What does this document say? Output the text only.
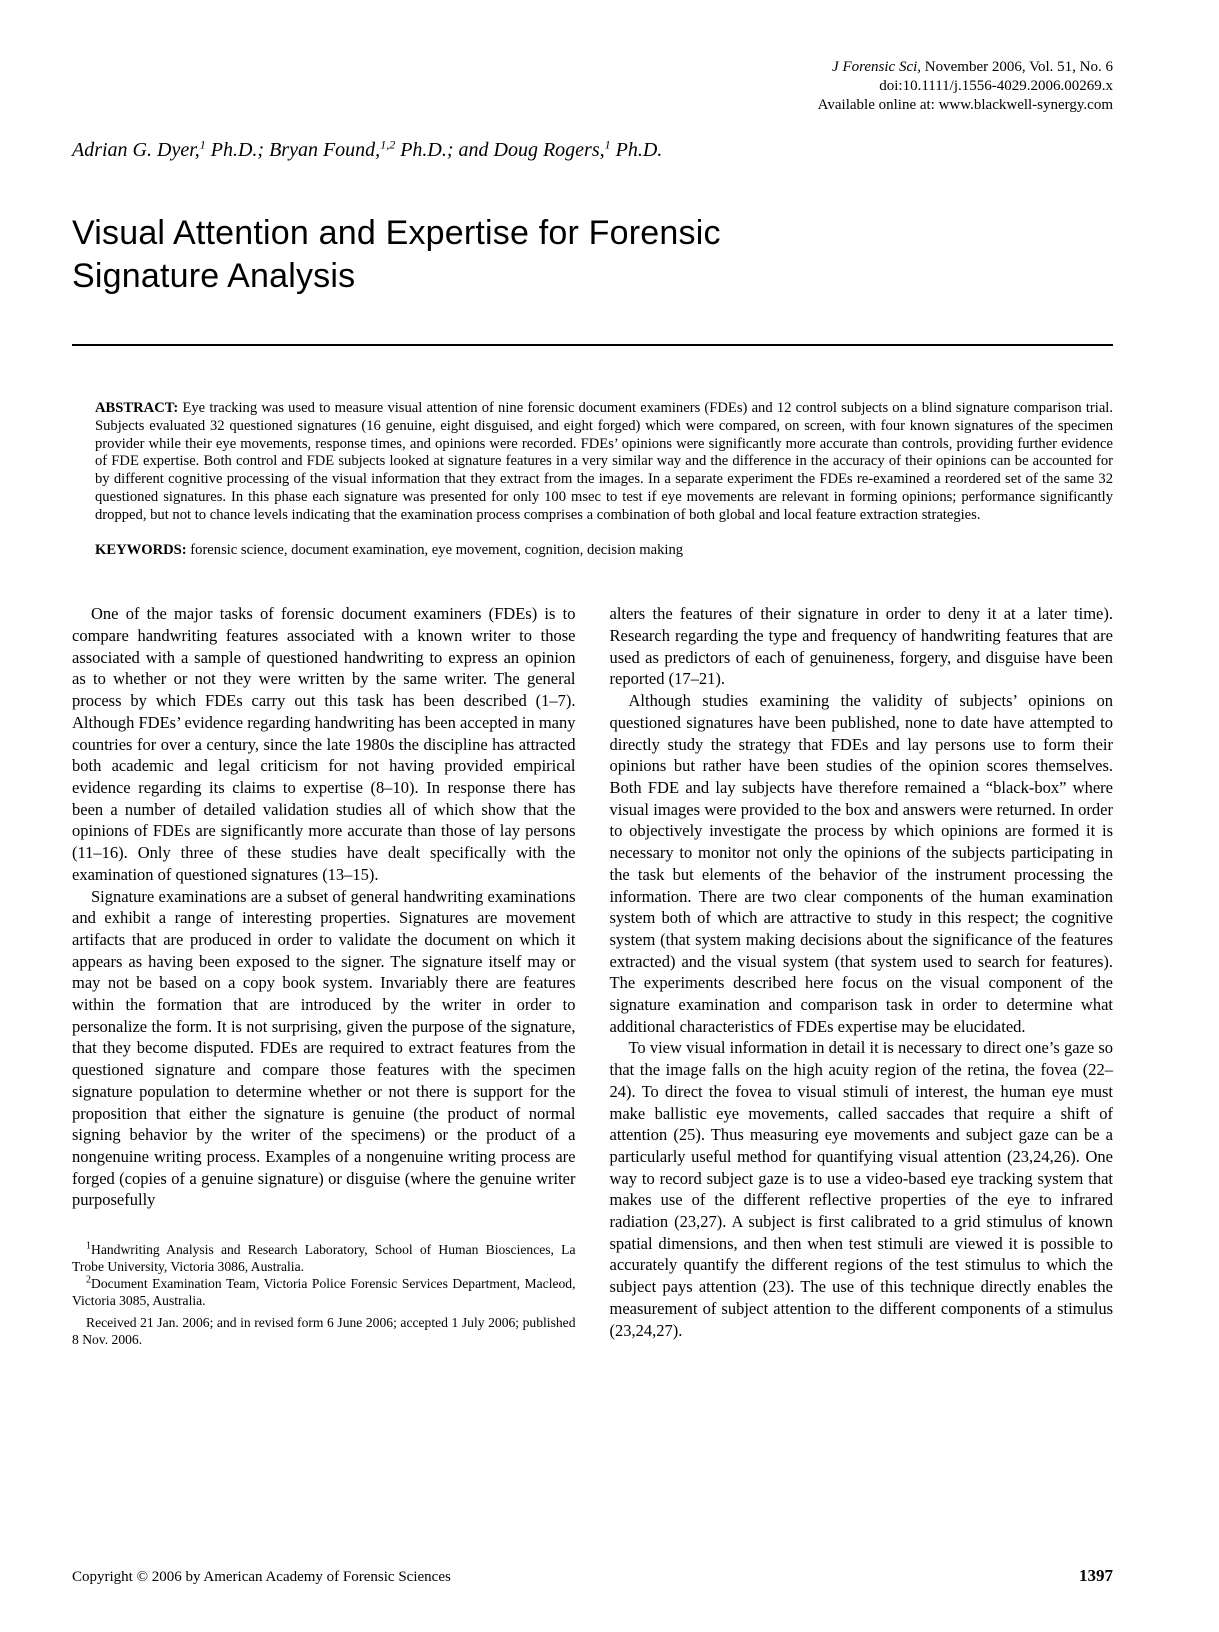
J Forensic Sci, November 2006, Vol. 51, No. 6
doi:10.1111/j.1556-4029.2006.00269.x
Available online at: www.blackwell-synergy.com
Adrian G. Dyer,$^1$ Ph.D.; Bryan Found,$^{1,2}$ Ph.D.; and Doug Rogers,$^1$ Ph.D.
Visual Attention and Expertise for Forensic Signature Analysis
ABSTRACT: Eye tracking was used to measure visual attention of nine forensic document examiners (FDEs) and 12 control subjects on a blind signature comparison trial. Subjects evaluated 32 questioned signatures (16 genuine, eight disguised, and eight forged) which were compared, on screen, with four known signatures of the specimen provider while their eye movements, response times, and opinions were recorded. FDEs’ opinions were significantly more accurate than controls, providing further evidence of FDE expertise. Both control and FDE subjects looked at signature features in a very similar way and the difference in the accuracy of their opinions can be accounted for by different cognitive processing of the visual information that they extract from the images. In a separate experiment the FDEs re-examined a reordered set of the same 32 questioned signatures. In this phase each signature was presented for only 100 msec to test if eye movements are relevant in forming opinions; performance significantly dropped, but not to chance levels indicating that the examination process comprises a combination of both global and local feature extraction strategies.
KEYWORDS: forensic science, document examination, eye movement, cognition, decision making

One of the major tasks of forensic document examiners (FDEs) is to compare handwriting features associated with a known writer to those associated with a sample of questioned handwriting to express an opinion as to whether or not they were written by the same writer. The general process by which FDEs carry out this task has been described (1–7). Although FDEs’ evidence regarding handwriting has been accepted in many countries for over a century, since the late 1980s the discipline has attracted both academic and legal criticism for not having provided empirical evidence regarding its claims to expertise (8–10). In response there has been a number of detailed validation studies all of which show that the opinions of FDEs are significantly more accurate than those of lay persons (11–16). Only three of these studies have dealt specifically with the examination of questioned signatures (13–15).

Signature examinations are a subset of general handwriting examinations and exhibit a range of interesting properties. Signatures are movement artifacts that are produced in order to validate the document on which it appears as having been exposed to the signer. The signature itself may or may not be based on a copy book system. Invariably there are features within the formation that are introduced by the writer in order to personalize the form. It is not surprising, given the purpose of the signature, that they become disputed. FDEs are required to extract features from the questioned signature and compare those features with the specimen signature population to determine whether or not there is support for the proposition that either the signature is genuine (the product of normal signing behavior by the writer of the specimens) or the product of a nongenuine writing process. Examples of a nongenuine writing process are forged (copies of a genuine signature) or disguise (where the genuine writer purposefully

$^1$Handwriting Analysis and Research Laboratory, School of Human Biosciences, La Trobe University, Victoria 3086, Australia.

$^2$Document Examination Team, Victoria Police Forensic Services Department, Macleod, Victoria 3085, Australia.

Received 21 Jan. 2006; and in revised form 6 June 2006; accepted 1 July 2006; published 8 Nov. 2006.

alters the features of their signature in order to deny it at a later time). Research regarding the type and frequency of handwriting features that are used as predictors of each of genuineness, forgery, and disguise have been reported (17–21).

Although studies examining the validity of subjects’ opinions on questioned signatures have been published, none to date have attempted to directly study the strategy that FDEs and lay persons use to form their opinions but rather have been studies of the opinion scores themselves. Both FDE and lay subjects have therefore remained a “black-box” where visual images were provided to the box and answers were returned. In order to objectively investigate the process by which opinions are formed it is necessary to monitor not only the opinions of the subjects participating in the task but elements of the behavior of the instrument processing the information. There are two clear components of the human examination system both of which are attractive to study in this respect; the cognitive system (that system making decisions about the significance of the features extracted) and the visual system (that system used to search for features). The experiments described here focus on the visual component of the signature examination and comparison task in order to determine what additional characteristics of FDEs expertise may be elucidated.

To view visual information in detail it is necessary to direct one’s gaze so that the image falls on the high acuity region of the retina, the fovea (22–24). To direct the fovea to visual stimuli of interest, the human eye must make ballistic eye movements, called saccades that require a shift of attention (25). Thus measuring eye movements and subject gaze can be a particularly useful method for quantifying visual attention (23,24,26). One way to record subject gaze is to use a video-based eye tracking system that makes use of the different reflective properties of the eye to infrared radiation (23,27). A subject is first calibrated to a grid stimulus of known spatial dimensions, and then when test stimuli are viewed it is possible to accurately quantify the different regions of the test stimulus to which the subject pays attention (23). The use of this technique directly enables the measurement of subject attention to the different components of a stimulus (23,24,27).

Copyright © 2006 by American Academy of Forensic Sciences	1397
